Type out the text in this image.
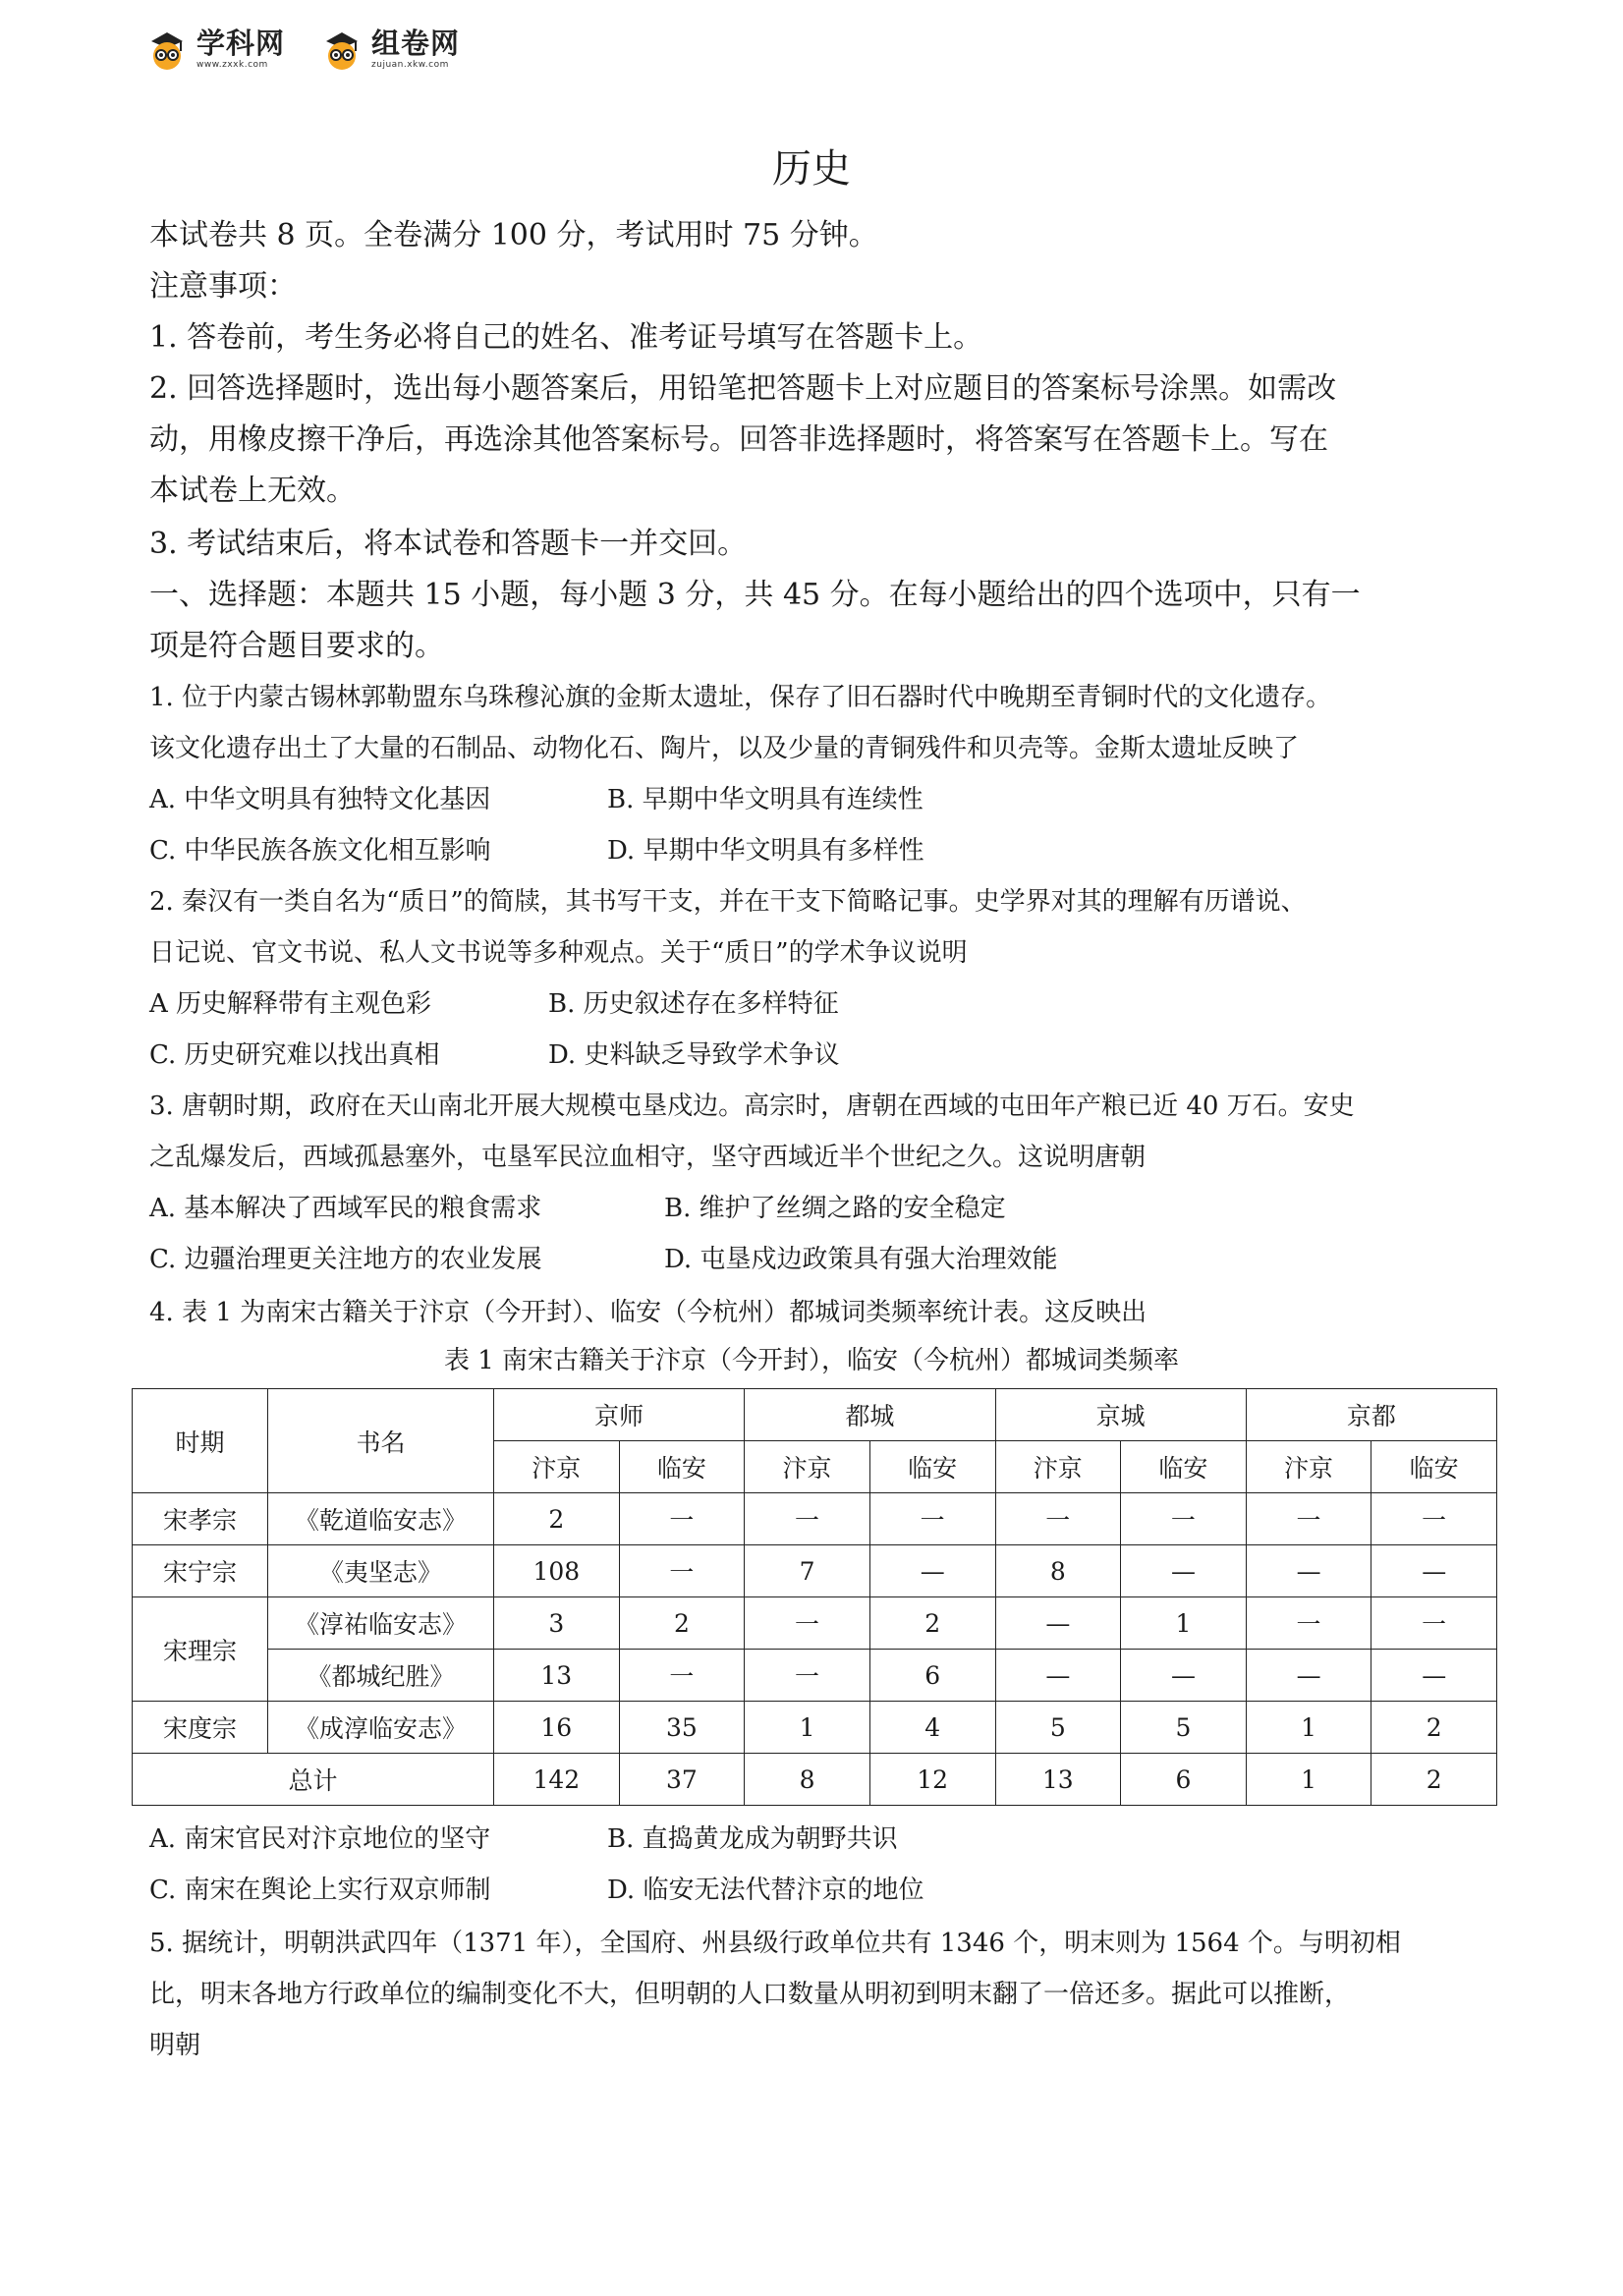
学科网
www.zxxk.com
组卷网
zujuan.xkw.com
历史
本试卷共 8 页。全卷满分 100 分，考试用时 75 分钟。
注意事项：
1. 答卷前，考生务必将自己的姓名、准考证号填写在答题卡上。
2. 回答选择题时，选出每小题答案后，用铅笔把答题卡上对应题目的答案标号涂黑。如需改
动，用橡皮擦干净后，再选涂其他答案标号。回答非选择题时，将答案写在答题卡上。写在
本试卷上无效。
3. 考试结束后，将本试卷和答题卡一并交回。
一、选择题：本题共 15 小题，每小题 3 分，共 45 分。在每小题给出的四个选项中，只有一
项是符合题目要求的。
1. 位于内蒙古锡林郭勒盟东乌珠穆沁旗的金斯太遗址，保存了旧石器时代中晚期至青铜时代的文化遗存。
该文化遗存出土了大量的石制品、动物化石、陶片，以及少量的青铜残件和贝壳等。金斯太遗址反映了
A. 中华文明具有独特文化基因	B. 早期中华文明具有连续性
C. 中华民族各族文化相互影响	D. 早期中华文明具有多样性
2. 秦汉有一类自名为“质日”的简牍，其书写干支，并在干支下简略记事。史学界对其的理解有历谱说、
日记说、官文书说、私人文书说等多种观点。关于“质日”的学术争议说明
A 历史解释带有主观色彩	B. 历史叙述存在多样特征
C. 历史研究难以找出真相	D. 史料缺乏导致学术争议
3. 唐朝时期，政府在天山南北开展大规模屯垦戍边。高宗时，唐朝在西域的屯田年产粮已近 40 万石。安史
之乱爆发后，西域孤悬塞外，屯垦军民泣血相守，坚守西域近半个世纪之久。这说明唐朝
A. 基本解决了西域军民的粮食需求	B. 维护了丝绸之路的安全稳定
C. 边疆治理更关注地方的农业发展	D. 屯垦戍边政策具有强大治理效能
4. 表 1 为南宋古籍关于汴京（今开封）、临安（今杭州）都城词类频率统计表。这反映出
表 1 南宋古籍关于汴京（今开封），临安（今杭州）都城词类频率
时期	书名	京师		都城		京城		京都	
		汴京	临安	汴京	临安	汴京	临安	汴京	临安
宋孝宗	《乾道临安志》	2	一	一	一	一	一	一	一
宋宁宗	《夷坚志》	108	一	7	—	8	—	—	—
宋理宗	《淳祐临安志》	3	2	一	2	—	1	一	一
	《都城纪胜》	13	一	一	6	—	—	—	—
宋度宗	《成淳临安志》	16	35	1	4	5	5	1	2
总计		142	37	8	12	13	6	1	2
A. 南宋官民对汴京地位的坚守	B. 直捣黄龙成为朝野共识
C. 南宋在舆论上实行双京师制	D. 临安无法代替汴京的地位
5. 据统计，明朝洪武四年（1371 年），全国府、州县级行政单位共有 1346 个，明末则为 1564 个。与明初相
比，明末各地方行政单位的编制变化不大，但明朝的人口数量从明初到明末翻了一倍还多。据此可以推断，
明朝
